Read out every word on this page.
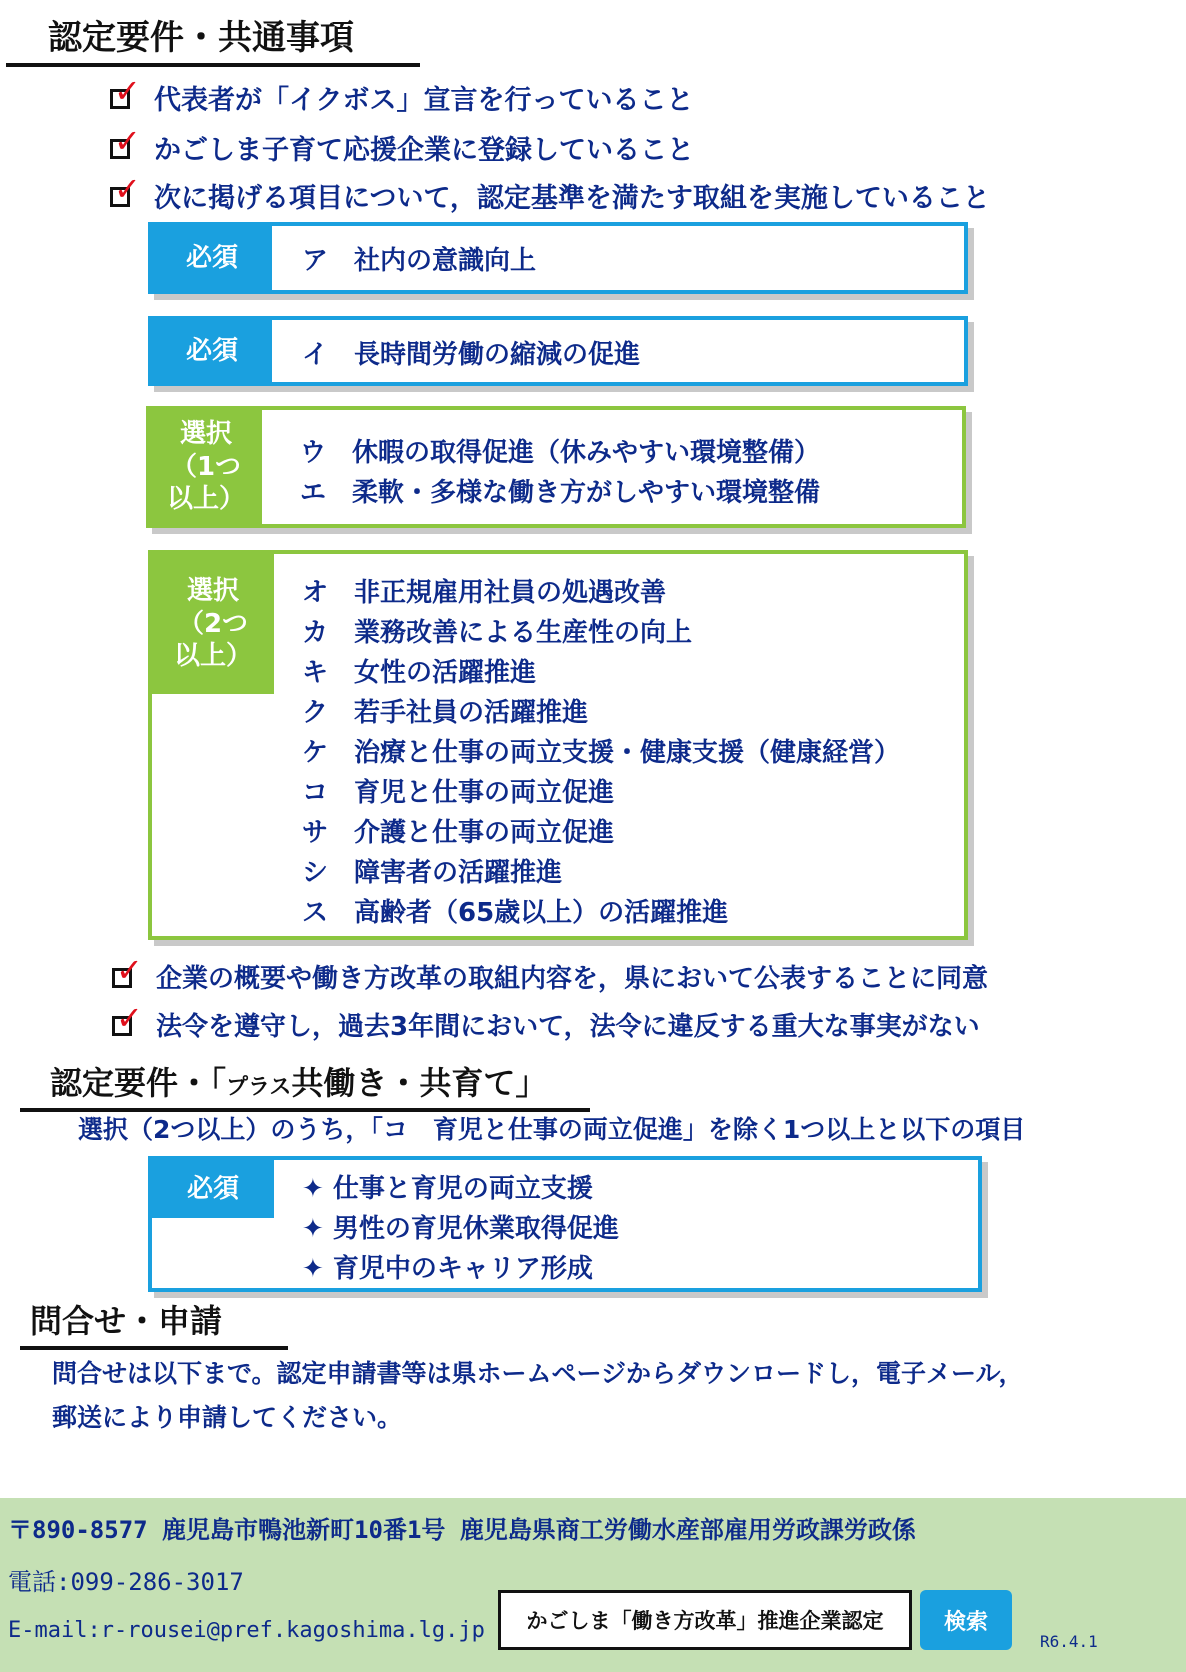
認定要件・共通事項
✓ 代表者が「イクボス」宣言を行っていること
✓ かごしま子育て応援企業に登録していること
✓ 次に掲げる項目について，認定基準を満たす取組を実施していること
必須	ア　社内の意識向上
必須	イ　長時間労働の縮減の促進
選択
（1つ
以上）
ウ　休暇の取得促進（休みやすい環境整備）
エ　柔軟・多様な働き方がしやすい環境整備
選択
（2つ
以上）
オ　非正規雇用社員の処遇改善
カ　業務改善による生産性の向上
キ　女性の活躍推進
ク　若手社員の活躍推進
ケ　治療と仕事の両立支援・健康支援（健康経営）
コ　育児と仕事の両立促進
サ　介護と仕事の両立促進
シ　障害者の活躍推進
ス　高齢者（65歳以上）の活躍推進
✓ 企業の概要や働き方改革の取組内容を，県において公表することに同意
✓ 法令を遵守し，過去3年間において，法令に違反する重大な事実がない
認定要件・「プラス共働き・共育て」
選択（2つ以上）のうち，「コ　育児と仕事の両立促進」を除く1つ以上と以下の項目
必須	✦ 仕事と育児の両立支援
✦ 男性の育児休業取得促進
✦ 育児中のキャリア形成
問合せ・申請
問合せは以下まで。認定申請書等は県ホームページからダウンロードし，電子メール，
郵送により申請してください。
〒890-8577 鹿児島市鴨池新町10番1号 鹿児島県商工労働水産部雇用労政課労政係
電話:099-286-3017
E-mail:r-rousei@pref.kagoshima.lg.jp かごしま「働き方改革」推進企業認定	検索
R6.4.1
